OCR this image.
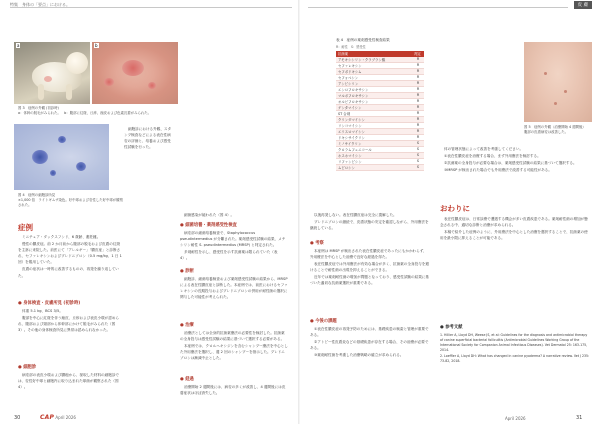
特集　身体の「要点」における。
a	b
図 3　症例の外観 (初診時)
a：体幹の脱毛がみられた。　b：腹部に紅斑、丘疹、痂皮および色素沈着がみられた。
図 4　症例の細胞診所見
×1,000 倍　ライトギムザ染色。好中球および変性した好中球が観察された。

細胞診における外観、スタンプ検査などによる表在性病変の評価と、培養および感受性試験を行った。

症例

ミニチュア・ダックスフンド、6 歳齢、避妊雌。

慢性の膿皮症。前 2 か月前から腹部の脱毛および皮膚の紅斑を主訴に来院した。前医にて「アレルギー」「膿皮症」と診断され、セファレキシンおよびプレドニゾロン（0.5 mg/kg、1 日 1 回）を服用していた。

皮膚の症状は一時的に改善するものの、再発を繰り返していた。

● 身体検査・皮膚所見 (初診時)

体重 5.1 kg、BCS 3/5。

腹部を中心に紅斑を伴う痂皮、丘疹および表皮小環が認められ、腹部および頸部から体幹部にかけて脱毛がみられた（図 3）。その他の身体検査所見に異常は認められなかった。

● 細胞診

病変部の表皮小環および膿疱から、採取した材料の細胞診では、変性好中球と細胞内に取り込まれた球菌が観察された（図 4）。

細菌感染が疑われた（図 4）。

● 細菌培養・薬剤感受性検査

病変部の細菌培養検査で、Staphylococcus pseudintermedius が分離された。薬剤感受性試験の結果、メチシリン耐性 S. pseudintermedius (MRSP) と判定された。

多剤耐性を示し、感受性を示す抗菌薬は限られていた（表 4）。

● 診断

細胞診、細菌培養検査および薬剤感受性試験の結果から、MRSP による表在性膿皮症と診断した。本症例では、前医におけるセファレキシンの長期投与およびプレドニゾロンの併用が耐性菌の選択に関与した可能性が考えられた。

● 治療

治療法としては全身的抗菌薬療法の必要性を検討した。抗菌薬の全身投与は感受性試験の結果に基づいて選択する必要がある。

本症例では、クロルヘキシジンを含むシャンプー療法を中心とした外用療法を選択し、週 2 回のシャンプーを指示した。プレドニゾロンは漸減中止とした。

● 経過

治療開始 2 週間後には、病変の多くが改善し、4 週間後には皮膚症状はほぼ消失した。

30	CAP April 2026
皮 膚
表 4　症例の薬剤感受性検査結果
R：耐性　S：感受性
抗菌薬	判定
アモキシシリン・クラブラン酸	R
セファレキシン	R
セフポドキシム	R
セフォベシン	R
アンピシリン	R
エンロフロキサシン	R
マルボフロキサシン	R
オルビフロキサシン	R
ゲンタマイシン	R
ST 合剤	R
クリンダマイシン	R
リンコマイシン	R
エリスロマイシン	R
ドキシサイクリン	R
ミノサイクリン	S
クロラムフェニコール	S
ホスホマイシン	S
リファンピシン	S
ムピロシン	S
図 5　症例の外観（治療開始 4 週間後）
腹部の皮膚病変は改善した。

以後再発しない。表在性膿皮症は完全に寛解した。

プレドニゾロンの継続で、皮膚状態の安定を確認しながら、外用療法を継続している。

● 考察

本症例は MRSP が検出された表在性膿皮症であったにもかかわらず、外用療法を中心とした治療で良好な経過を得た。

表在性膿皮症では外用療法が有効な場合が多く、抗菌薬の全身投与を避けることで耐性菌の出現を抑えることができる。

近年では薬剤耐性菌の増加が問題となっており、感受性試験の結果に基づいた適切な抗菌薬選択が重要である。

● 今後の課題

①表在性膿皮症の再発予防のためには、基礎疾患の検索と管理が重要である。

②アトピー性皮膚炎などの基礎疾患が存在する場合、その治療が必要である。

③薬剤耐性菌を考慮した治療戦略の確立が求められる。

体の管理状態によって改善を考慮してください。

①表在性膿皮症を治療する場合、まず外用療法を検討する。

②抗菌薬の全身投与が必要な場合は、薬剤感受性試験の結果に基づいて選択する。

③MRSP が検出された場合でも外用療法で改善する可能性がある。

おわりに

表在性膿皮症は、日常診療で遭遇する機会が多い皮膚疾患である。薬剤耐性菌の増加が懸念される中、適切な診断と治療が求められる。

本稿で紹介した症例のように、外用療法を中心とした治療を選択することで、抗菌薬の使用を最小限に抑えることが可能である。

● 参考文献

1. Hillier A, Lloyd DH, Weese JS, et al: Guidelines for the diagnosis and antimicrobial therapy of canine superficial bacterial folliculitis (Antimicrobial Guidelines Working Group of the International Society for Companion Animal Infectious Diseases). Vet Dermatol 25: 163-175, 2014.

2. Loeffler A, Lloyd DH: What has changed in canine pyoderma? A narrative review. Vet J 235: 73-82, 2018.

April 2026	31
